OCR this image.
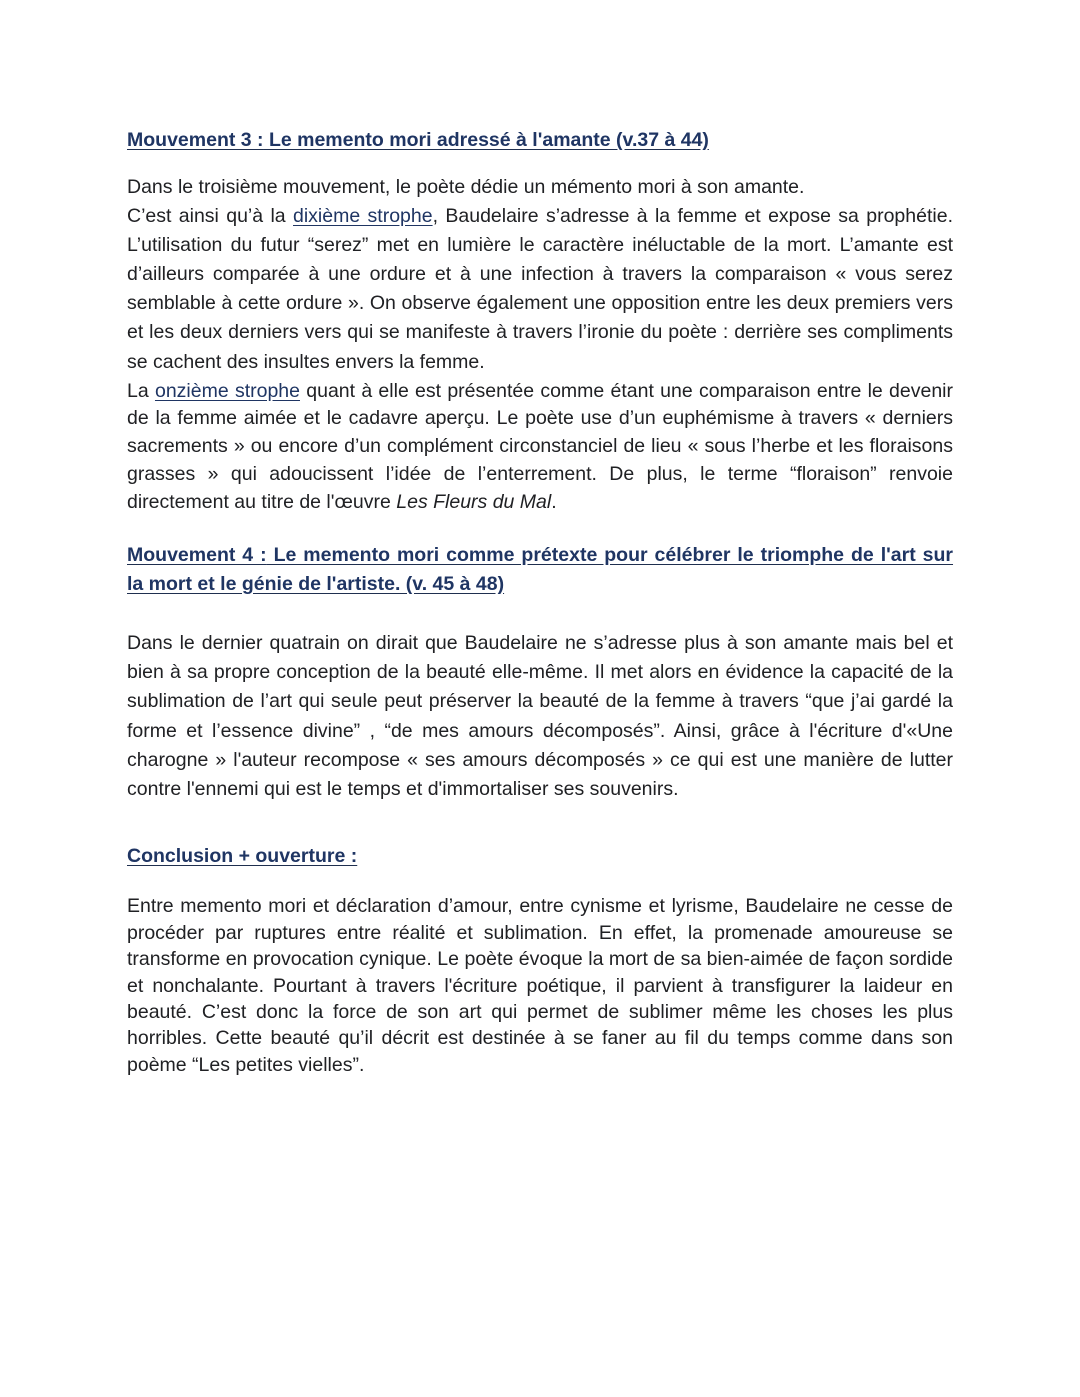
Mouvement 3 : Le memento mori adressé à l'amante (v.37 à 44)

Dans le troisième mouvement, le poète dédie un mémento mori à son amante.

C’est ainsi qu’à la dixième strophe, Baudelaire s’adresse à la femme et expose sa prophétie. L’utilisation du futur “serez” met en lumière le caractère inéluctable de la mort. L’amante est d’ailleurs comparée à une ordure et à une infection à travers la comparaison « vous serez semblable à cette ordure ». On observe également une opposition entre les deux premiers vers et les deux derniers vers qui se manifeste à travers l’ironie du poète : derrière ses compliments se cachent des insultes envers la femme.

La onzième strophe quant à elle est présentée comme étant une comparaison entre le devenir de la femme aimée et le cadavre aperçu. Le poète use d’un euphémisme à travers « derniers sacrements » ou encore d’un complément circonstanciel de lieu « sous l’herbe et les floraisons grasses » qui adoucissent l’idée de l’enterrement. De plus, le terme “floraison” renvoie directement au titre de l'œuvre Les Fleurs du Mal.

Mouvement 4 : Le memento mori comme prétexte pour célébrer le triomphe de l'art sur la mort et le génie de l'artiste. (v. 45 à 48)

Dans le dernier quatrain on dirait que Baudelaire ne s’adresse plus à son amante mais bel et bien à sa propre conception de la beauté elle-même. Il met alors en évidence la capacité de la sublimation de l’art qui seule peut préserver la beauté de la femme à travers “que j’ai gardé la forme et l’essence divine” , “de mes amours décomposés”. Ainsi, grâce à l'écriture d'«Une charogne » l'auteur recompose « ses amours décomposés » ce qui est une manière de lutter contre l'ennemi qui est le temps et d'immortaliser ses souvenirs.

Conclusion + ouverture :

Entre memento mori et déclaration d’amour, entre cynisme et lyrisme, Baudelaire ne cesse de procéder par ruptures entre réalité et sublimation. En effet, la promenade amoureuse se transforme en provocation cynique. Le poète évoque la mort de sa bien-aimée de façon sordide et nonchalante. Pourtant à travers l'écriture poétique, il parvient à transfigurer la laideur en beauté. C’est donc la force de son art qui permet de sublimer même les choses les plus horribles. Cette beauté qu’il décrit est destinée à se faner au fil du temps comme dans son poème “Les petites vielles”.
